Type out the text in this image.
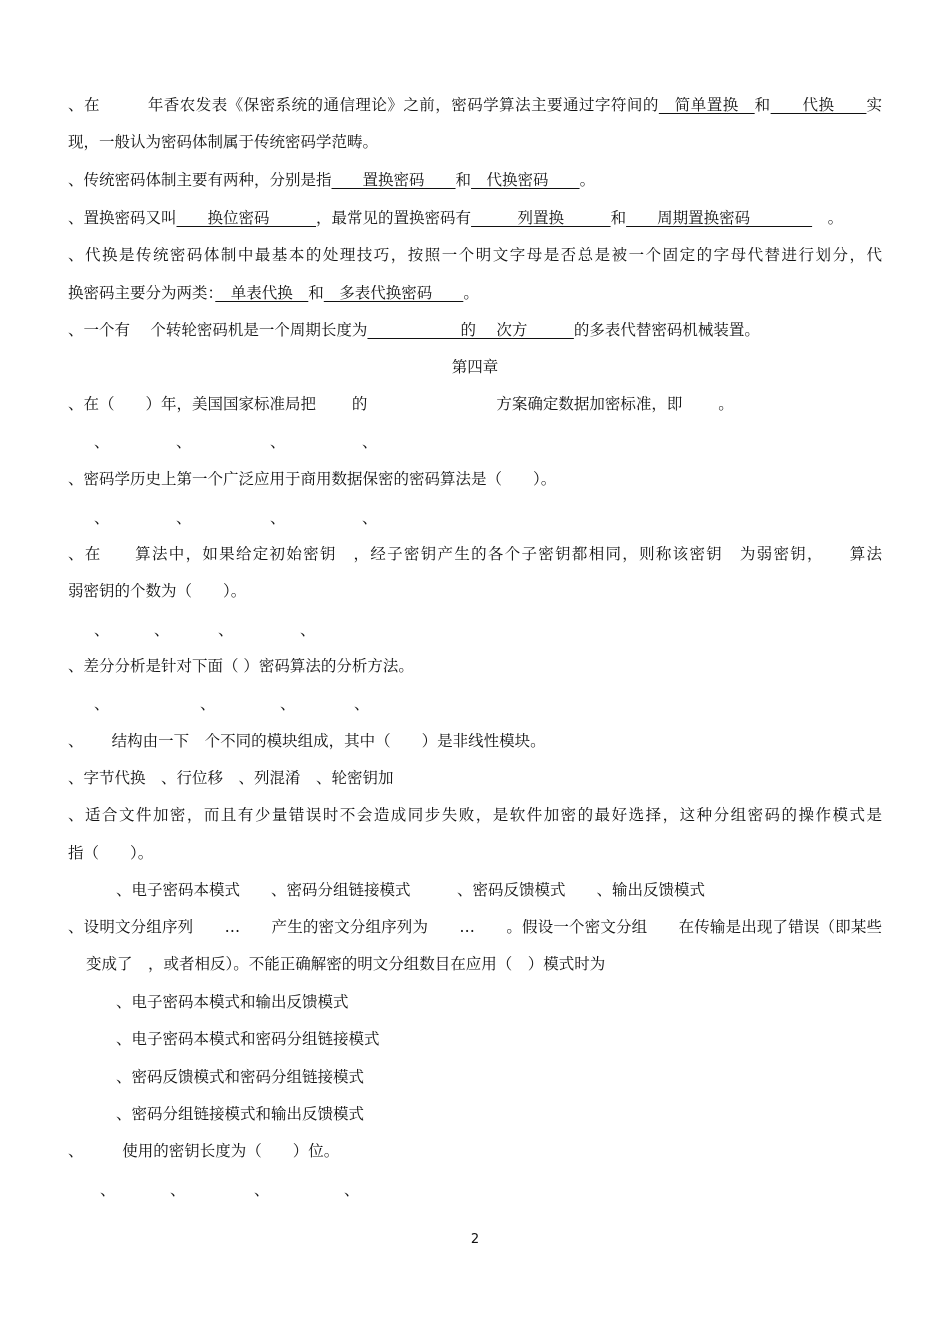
、在　　　年香农发表《保密系统的通信理论》之前，密码学算法主要通过字符间的　简单置换　和　　代换　　实
现，一般认为密码体制属于传统密码学范畴。
、传统密码体制主要有两种，分别是指　　置换密码　　和　代换密码　　。
、置换密码又叫　　换位密码　　　，最常见的置换密码有　　　列置换　　　和　　周期置换密码　　　　　。
、代换是传统密码体制中最基本的处理技巧，按照一个明文字母是否总是被一个固定的字母代替进行划分，代
换密码主要分为两类：　单表代换　和　多表代换密码　　。
、一个有　 个转轮密码机是一个周期长度为　　　　　　的　 次方　　　的多表代替密码机械装置。
第四章
、在（　　）年，美国国家标准局把　　 的　　　　　　　　 方案确定数据加密标准，即　　 。
、	、	、	、
、密码学历史上第一个广泛应用于商用数据保密的密码算法是（　　）。
、	、	、	、
、在　　算法中，如果给定初始密钥　，经子密钥产生的各个子密钥都相同，则称该密钥　为弱密钥，　　算法
弱密钥的个数为（　　）。
、	、	、	、
、差分分析是针对下面（ ）密码算法的分析方法。
、	、	、	、
、　　 结构由一下　个不同的模块组成，其中（　　）是非线性模块。
、字节代换　、行位移　、列混淆　、轮密钥加
、适合文件加密，而且有少量错误时不会造成同步失败，是软件加密的最好选择，这种分组密码的操作模式是
指（　　）。
、电子密码本模式　　、密码分组链接模式　　　、密码反馈模式　　、输出反馈模式
、设明文分组序列　　…　　产生的密文分组序列为　　…　　。假设一个密文分组　　在传输是出现了错误（即某些
变成了　，或者相反）。不能正确解密的明文分组数目在应用（　）模式时为
、电子密码本模式和输出反馈模式
、电子密码本模式和密码分组链接模式
、密码反馈模式和密码分组链接模式
、密码分组链接模式和输出反馈模式
、　　　使用的密钥长度为（　　）位。
、	、	、	、
2
